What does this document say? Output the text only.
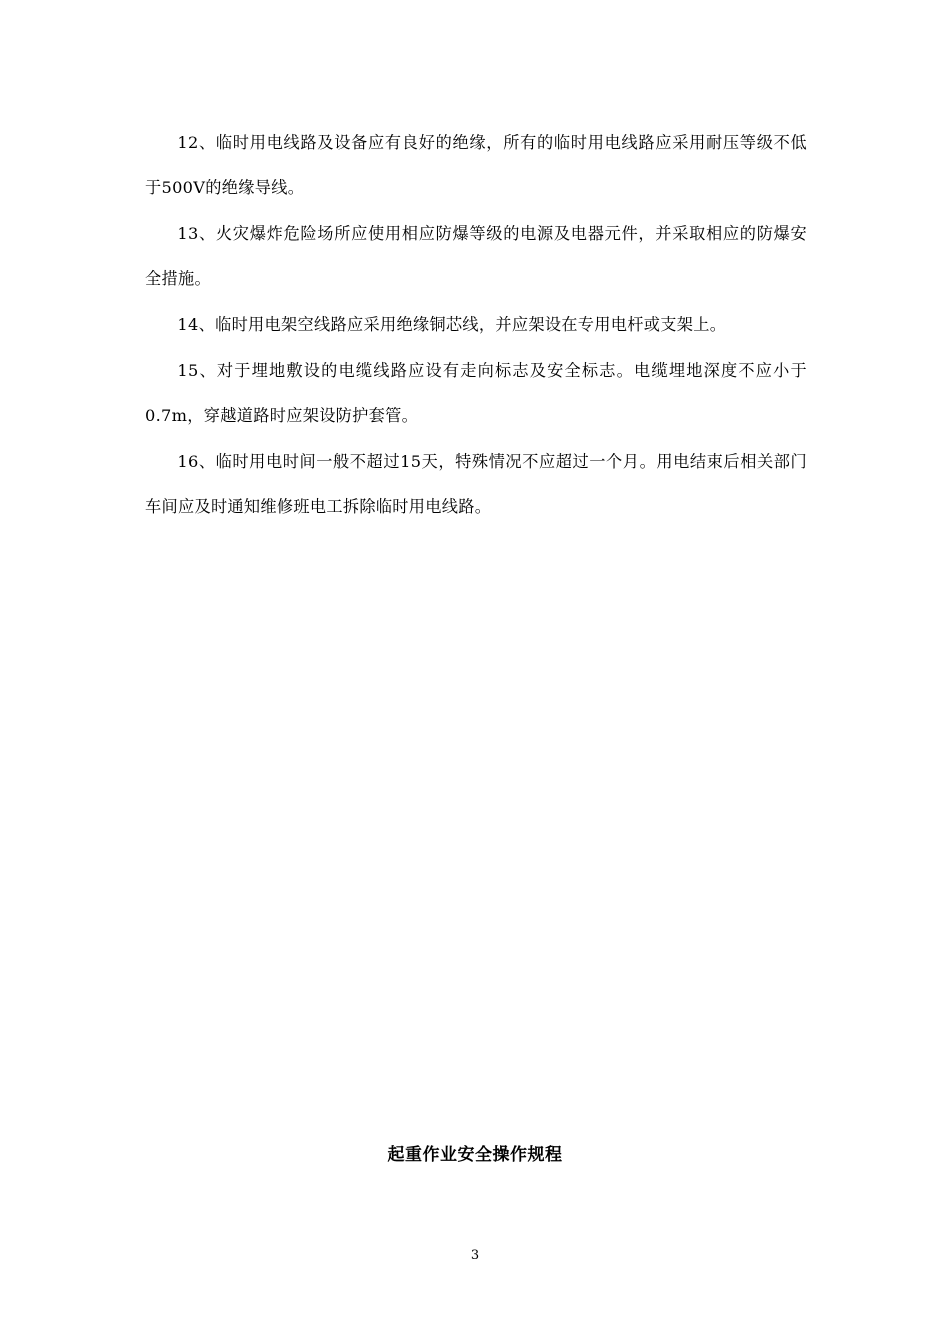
12、临时用电线路及设备应有良好的绝缘，所有的临时用电线路应采用耐压等级不低于500V的绝缘导线。

13、火灾爆炸危险场所应使用相应防爆等级的电源及电器元件，并采取相应的防爆安全措施。

14、临时用电架空线路应采用绝缘铜芯线，并应架设在专用电杆或支架上。

15、对于埋地敷设的电缆线路应设有走向标志及安全标志。电缆埋地深度不应小于0.7m，穿越道路时应架设防护套管。

16、临时用电时间一般不超过15天，特殊情况不应超过一个月。用电结束后相关部门车间应及时通知维修班电工拆除临时用电线路。

起重作业安全操作规程
3
